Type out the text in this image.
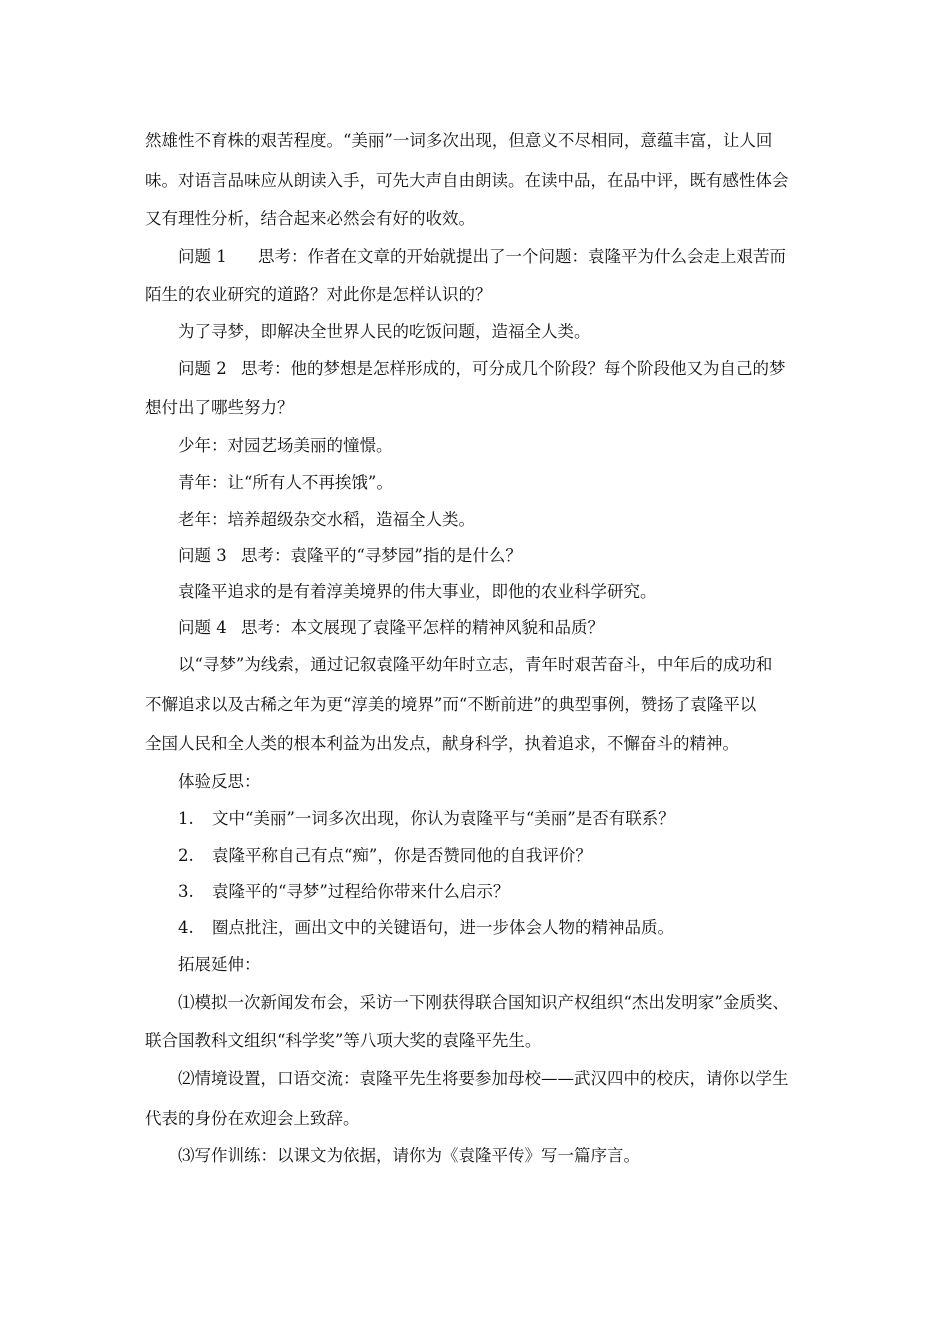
然雄性不育株的艰苦程度。“美丽”一词多次出现，但意义不尽相同，意蕴丰富，让人回

味。对语言品味应从朗读入手，可先大声自由朗读。在读中品，在品中评，既有感性体会

又有理性分析，结合起来必然会有好的收效。

问题 1 思考：作者在文章的开始就提出了一个问题：袁隆平为什么会走上艰苦而

陌生的农业研究的道路？对此你是怎样认识的？

为了寻梦，即解决全世界人民的吃饭问题，造福全人类。

问题 2 思考：他的梦想是怎样形成的，可分成几个阶段？每个阶段他又为自己的梦

想付出了哪些努力？

少年：对园艺场美丽的憧憬。

青年：让“所有人不再挨饿”。

老年：培养超级杂交水稻，造福全人类。

问题 3 思考：袁隆平的“寻梦园”指的是什么？

袁隆平追求的是有着淳美境界的伟大事业，即他的农业科学研究。

问题 4 思考：本文展现了袁隆平怎样的精神风貌和品质？

以“寻梦”为线索，通过记叙袁隆平幼年时立志，青年时艰苦奋斗，中年后的成功和

不懈追求以及古稀之年为更“淳美的境界”而“不断前进”的典型事例，赞扬了袁隆平以

全国人民和全人类的根本利益为出发点，献身科学，执着追求，不懈奋斗的精神。

体验反思：

1. 文中“美丽”一词多次出现，你认为袁隆平与“美丽”是否有联系？

2. 袁隆平称自己有点“痴”，你是否赞同他的自我评价？

3. 袁隆平的“寻梦”过程给你带来什么启示？

4. 圈点批注，画出文中的关键语句，进一步体会人物的精神品质。

拓展延伸：

⑴模拟一次新闻发布会，采访一下刚获得联合国知识产权组织“杰出发明家”金质奖、

联合国教科文组织“科学奖”等八项大奖的袁隆平先生。

⑵情境设置，口语交流：袁隆平先生将要参加母校——武汉四中的校庆，请你以学生

代表的身份在欢迎会上致辞。

⑶写作训练：以课文为依据，请你为《袁隆平传》写一篇序言。
